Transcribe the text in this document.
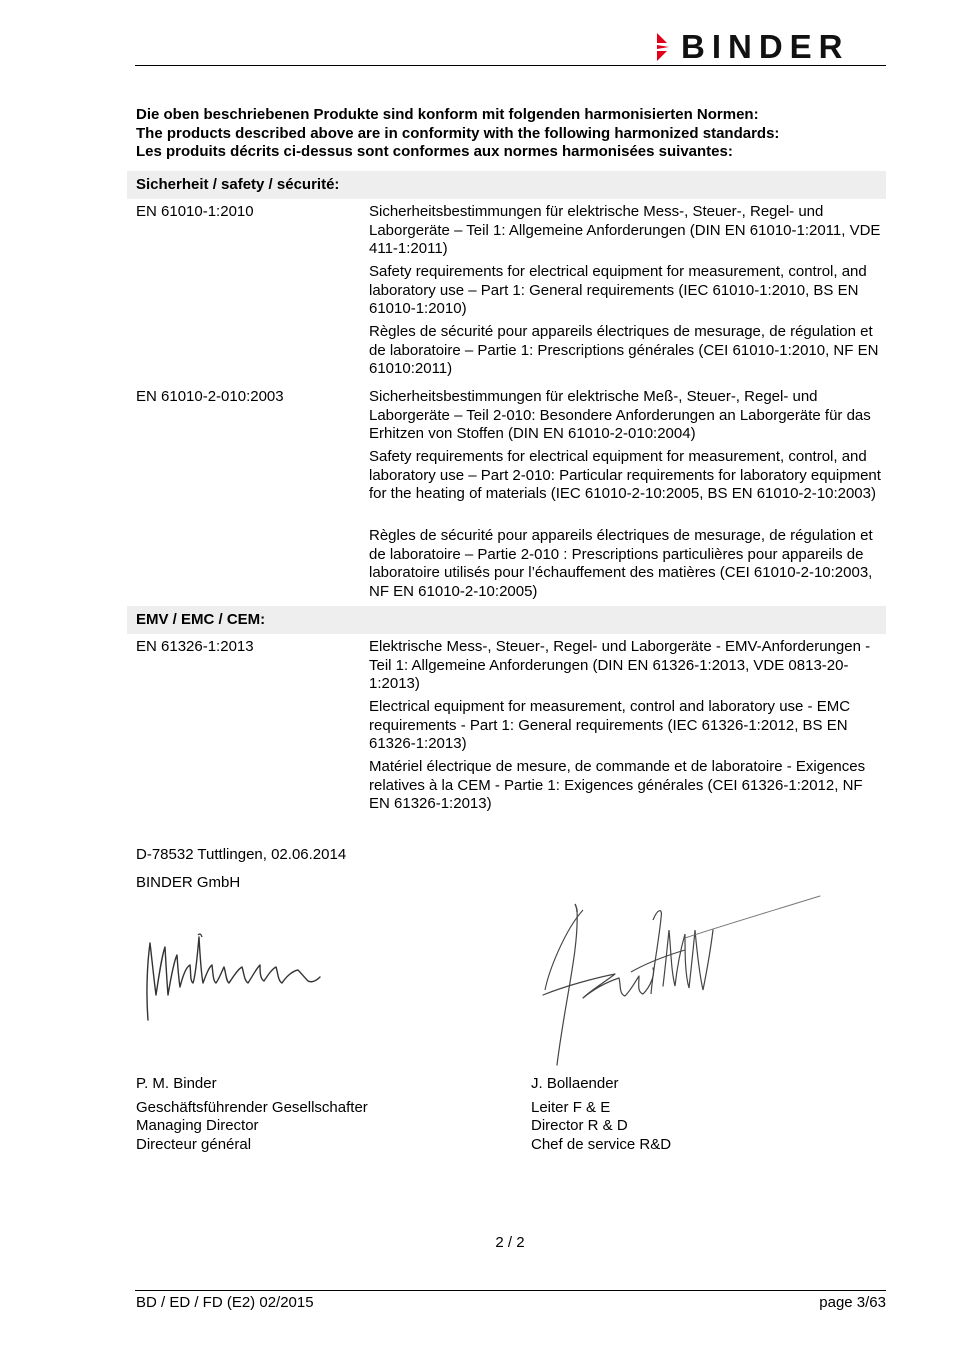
BINDER
Die oben beschriebenen Produkte sind konform mit folgenden harmonisierten Normen:
The products described above are in conformity with the following harmonized standards:
Les produits décrits ci-dessus sont conformes aux normes harmonisées suivantes:
Sicherheit / safety / sécurité:
EN 61010-1:2010	Sicherheitsbestimmungen für elektrische Mess-, Steuer-, Regel- und Laborgeräte – Teil 1: Allgemeine Anforderungen (DIN EN 61010-1:2011, VDE 411-1:2011)
Safety requirements for electrical equipment for measurement, control, and laboratory use – Part 1: General requirements (IEC 61010-1:2010, BS EN 61010-1:2010)
Règles de sécurité pour appareils électriques de mesurage, de régulation et de laboratoire – Partie 1: Prescriptions générales (CEI 61010-1:2010, NF EN 61010:2011)
EN 61010-2-010:2003	Sicherheitsbestimmungen für elektrische Meß-, Steuer-, Regel- und Laborgeräte – Teil 2-010: Besondere Anforderungen an Laborgeräte für das Erhitzen von Stoffen (DIN EN 61010-2-010:2004)
Safety requirements for electrical equipment for measurement, control, and laboratory use – Part 2-010: Particular requirements for laboratory equipment for the heating of materials (IEC 61010-2-10:2005, BS EN 61010-2-10:2003)
Règles de sécurité pour appareils électriques de mesurage, de régulation et de laboratoire – Partie 2-010 : Prescriptions particulières pour appareils de laboratoire utilisés pour l’échauffement des matières (CEI 61010-2-10:2003, NF EN 61010-2-10:2005)
EMV / EMC / CEM:
EN 61326-1:2013	Elektrische Mess-, Steuer-, Regel- und Laborgeräte - EMV-Anforderungen - Teil 1: Allgemeine Anforderungen (DIN EN 61326-1:2013, VDE 0813-20-1:2013)
Electrical equipment for measurement, control and laboratory use - EMC requirements - Part 1: General requirements (IEC 61326-1:2012, BS EN 61326-1:2013)
Matériel électrique de mesure, de commande et de laboratoire - Exigences relatives à la CEM - Partie 1: Exigences générales (CEI 61326-1:2012, NF EN 61326-1:2013)
D-78532 Tuttlingen, 02.06.2014
BINDER GmbH
P. M. Binder
Geschäftsführender Gesellschafter
Managing Director
Directeur général
J. Bollaender
Leiter F & E
Director R & D
Chef de service R&D
2 / 2
BD / ED / FD (E2) 02/2015	page 3/63
